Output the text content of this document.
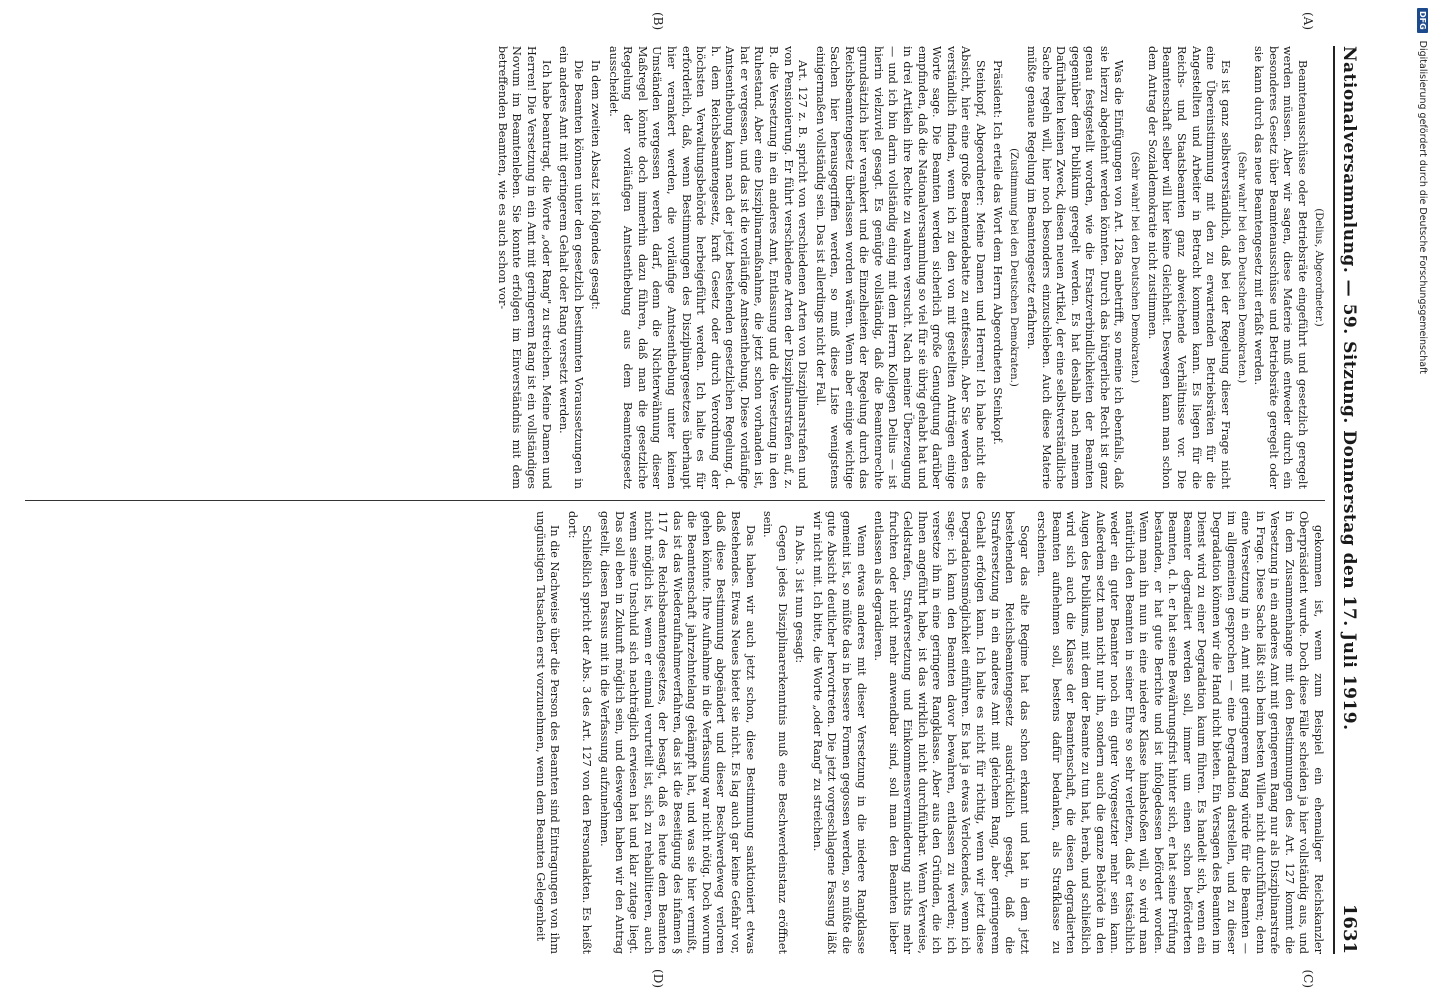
Nationalversammlung. — 59. Sitzung. Donnerstag den 17. Juli 1919.
1631

(Delius, Abgeordneter.)

Beamtenausschüsse oder Betriebsräte eingeführt und gesetzlich geregelt werden müssen. Aber wir sagen, diese Materie muß entweder durch ein besonderes Gesetz über Beamtenausschüsse und Betriebsräte geregelt oder sie kann durch das neue Beamtengesetz mit erfaßt werden.

(Sehr wahr! bei den Deutschen Demokraten.)

Es ist ganz selbstverständlich, daß bei der Regelung dieser Frage nicht eine Übereinstimmung mit den zu erwartenden Betriebsräten für die Angestellten und Arbeiter in Betracht kommen kann. Es liegen für die Reichs- und Staatsbeamten ganz abweichende Verhältnisse vor. Die Beamtenschaft selber will hier keine Gleichheit. Deswegen kann man schon dem Antrag der Sozialdemokratie nicht zustimmen.

(Sehr wahr! bei den Deutschen Demokraten.)

Was die Einfügungen von Art. 128a anbetrifft, so meine ich ebenfalls, daß sie hierzu abgelehnt werden könnten. Durch das bürgerliche Recht ist ganz genau festgestellt worden, wie die Ersatzverbindlichkeiten der Beamten gegenüber dem Publikum geregelt werden. Es hat deshalb nach meinem Dafürhalten keinen Zweck, diesen neuen Artikel, der eine selbstverständliche Sache regeln will, hier noch besonders einzuschieben. Auch diese Materie müßte genaue Regelung im Beamtengesetz erfahren.

(Zustimmung bei den Deutschen Demokraten.)

Präsident: Ich erteile das Wort dem Herrn Abgeordneten Steinkopf.

Steinkopf, Abgeordneter: Meine Damen und Herren! Ich habe nicht die Absicht, hier eine große Beamtendebatte zu entfesseln. Aber Sie werden es verständlich finden, wenn ich zu den von mit gestellten Anträgen einige Worte sage. Die Beamten werden sicherlich große Genugtuung darüber empfinden, daß die Nationalversammlung so viel für sie übrig gehabt hat und in drei Artikeln ihre Rechte zu wahren versucht. Nach meiner Überzeugung — und ich bin darin vollständig einig mit dem Herrn Kollegen Delius — ist hierin vielzuviel gesagt. Es genügte vollständig, daß die Beamtenrechte grundsätzlich hier verankert und die Einzelheiten der Regelung durch das Reichsbeamtengesetz überlassen worden wären. Wenn aber einige wichtige Sachen hier herausgegriffen werden, so muß diese Liste wenigstens einigermaßen vollständig sein. Das ist allerdings nicht der Fall.

Art. 127 z. B. spricht von verschiedenen Arten von Disziplinarstrafen und von Pensionierung. Er führt verschiedene Arten der Disziplinarstrafen auf, z. B. die Versetzung in ein anderes Amt, Entlassung und die Versetzung in den Ruhestand. Aber eine Disziplinarmaßnahme, die jetzt schon vorhanden ist, hat er vergessen, und das ist die vorläufige Amtsenthebung. Diese vorläufige Amtsenthebung kann nach der jetzt bestehenden gesetzlichen Regelung, d. h. dem Reichsbeamtengesetz, kraft Gesetz oder durch Verordnung der höchsten Verwaltungsbehörde herbeigeführt werden. Ich halte es für erforderlich, daß, wenn Bestimmungen des Disziplinargesetzes überhaupt hier verankert werden, die vorläufige Amtsenthebung unter keinen Umständen vergessen werden darf, denn die Nichterwähnung dieser Maßregel könnte doch immerhin dazu führen, daß man die gesetzliche Regelung der vorläufigen Amtsenthebung aus dem Beamtengesetz ausscheidet.

In dem zweiten Absatz ist folgendes gesagt:

Die Beamten können unter den gesetzlich bestimmten Voraussetzungen in ein anderes Amt mit geringerem Gehalt oder Rang versetzt werden.

Ich habe beantragt, die Worte „oder Rang" zu streichen. Meine Damen und Herren! Die Versetzung in ein Amt mit geringerem Rang ist ein vollständiges Novum im Beamtenleben. Sie konnte erfolgen im Einverständnis mit dem betreffenden Beamten, wie es auch schon vor-

gekommen ist, wenn zum Beispiel ein ehemaliger Reichskanzler Oberpräsident wurde. Doch diese Fälle scheiden ja hier vollständig aus, und in dem Zusammenhange mit den Bestimmungen des Art. 127 kommt die Versetzung in ein anderes Amt mit geringerem Rang nur als Disziplinarstrafe in Frage. Diese Sache läßt sich beim besten Willen nicht durchführen; denn eine Versetzung in ein Amt mit geringerem Rang würde für die Beamten — im allgemeinen gesprochen — eine Degradation darstellen, und zu dieser Degradation können wir die Hand nicht bieten. Ein Versagen des Beamten im Dienst wird zu einer Degradation kaum führen. Es handelt sich, wenn ein Beamter degradiert werden soll, immer um einen schon beförderten Beamten, d. h. er hat seine Bewährungsfrist hinter sich, er hat seine Prüfung bestanden, er hat gute Berichte und ist infolgedessen befördert worden. Wenn man ihn nun in eine niedere Klasse hinabstoßen will, so wird man natürlich den Beamten in seiner Ehre so sehr verletzen, daß er tatsächlich weder ein guter Beamter noch ein guter Vorgesetzter mehr sein kann. Außerdem setzt man nicht nur ihn, sondern auch die ganze Behörde in den Augen des Publikums, mit dem der Beamte zu tun hat, herab, und schließlich wird sich auch die Klasse der Beamtenschaft, die diesen degradierten Beamten aufnehmen soll, bestens dafür bedanken, als Strafklasse zu erscheinen.

Sogar das alte Regime hat das schon erkannt und hat in dem jetzt bestehenden Reichsbeamtengesetz ausdrücklich gesagt, daß die Strafversetzung in ein anderes Amt mit gleichem Rang, aber geringerem Gehalt erfolgen kann. Ich halte es nicht für richtig, wenn wir jetzt diese Degradationsmöglichkeit einführen. Es hat ja etwas Verlockendes, wenn ich sage: ich kann den Beamten davor bewahren, entlassen zu werden; ich versetze ihn in eine geringere Rangklasse. Aber aus den Gründen, die ich Ihnen angeführt habe, ist das wirklich nicht durchführbar. Wenn Verweise, Geldstrafen, Strafversetzung und Einkommensverminderung nichts mehr fruchten oder nicht mehr anwendbar sind, soll man den Beamten lieber entlassen als degradieren.

Wenn etwas anderes mit dieser Versetzung in die niedere Rangklasse gemeint ist, so müßte das in bessere Formen gegossen werden, so müßte die gute Absicht deutlicher hervortreten. Die jetzt vorgeschlagene Fassung läßt wir nicht mit. Ich bitte, die Worte „oder Rang" zu streichen.

In Abs. 3 ist nun gesagt:

Gegen jedes Disziplinarerkenntnis muß eine Beschwerdeinstanz eröffnet sein.

Das haben wir auch jetzt schon, diese Bestimmung sanktioniert etwas Bestehendes. Etwas Neues bietet sie nicht. Es lag auch gar keine Gefahr vor, daß diese Bestimmung abgeändert und dieser Beschwerdeweg verloren gehen könnte. Ihre Aufnahme in die Verfassung war nicht nötig. Doch worum die Beamtenschaft jahrzehntelang gekämpft hat, und was sie hier vermißt, das ist das Wiederaufnahmeverfahren, das ist die Beseitigung des infamen § 117 des Reichsbeamtengesetzes, der besagt, daß es heute dem Beamten nicht möglich ist, wenn er einmal verurteilt ist, sich zu rehabilitieren, auch wenn seine Unschuld sich nachträglich erwiesen hat und klar zutage liegt. Das soll eben in Zukunft möglich sein, und deswegen haben wir den Antrag gestellt, diesen Passus mit in die Verfassung aufzunehmen.

Schließlich spricht der Abs. 3 des Art. 127 von den Personalakten. Es heißt dort:

In die Nachweise über die Person des Beamten sind Eintragungen von ihm ungünstigen Tatsachen erst vorzunehmen, wenn dem Beamten Gelegenheit

(A)
(B)
(C)
(D)
DFG
Digitalisierung gefördert durch die Deutsche Forschungsgemeinschaft
